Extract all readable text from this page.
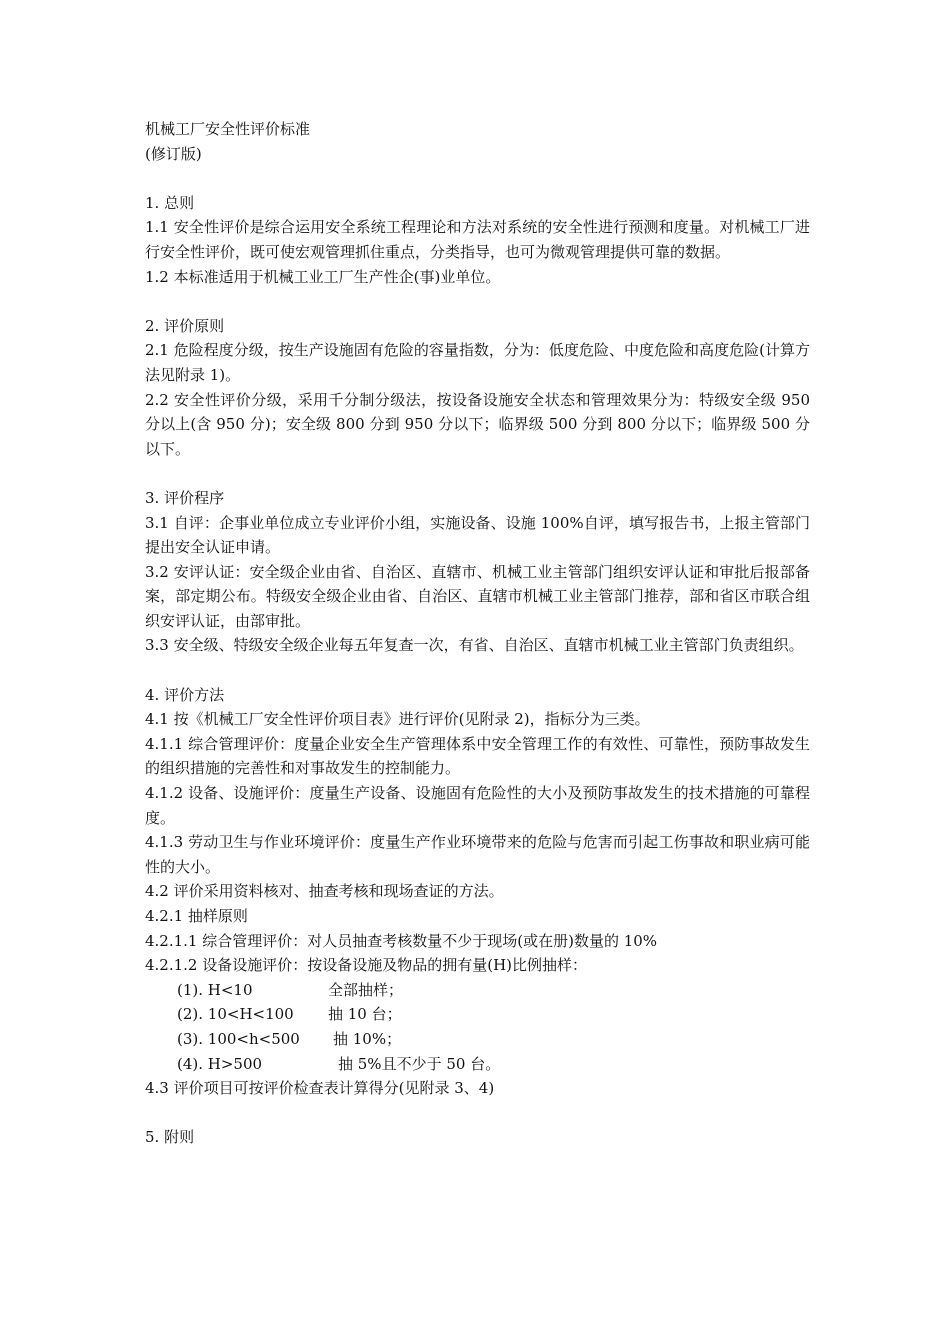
机械工厂安全性评价标准
(修订版)
1. 总则
1.1 安全性评价是综合运用安全系统工程理论和方法对系统的安全性进行预测和度量。对机械工厂进行安全性评价，既可使宏观管理抓住重点，分类指导，也可为微观管理提供可靠的数据。
1.2 本标准适用于机械工业工厂生产性企(事)业单位。
2. 评价原则
2.1 危险程度分级，按生产设施固有危险的容量指数，分为：低度危险、中度危险和高度危险(计算方法见附录 1)。
2.2 安全性评价分级，采用千分制分级法，按设备设施安全状态和管理效果分为：特级安全级 950 分以上(含 950 分)；安全级 800 分到 950 分以下；临界级 500 分到 800 分以下；临界级 500 分以下。
3. 评价程序
3.1 自评：企事业单位成立专业评价小组，实施设备、设施 100%自评，填写报告书，上报主管部门提出安全认证申请。
3.2 安评认证：安全级企业由省、自治区、直辖市、机械工业主管部门组织安评认证和审批后报部备案，部定期公布。特级安全级企业由省、自治区、直辖市机械工业主管部门推荐，部和省区市联合组织安评认证，由部审批。
3.3 安全级、特级安全级企业每五年复查一次，有省、自治区、直辖市机械工业主管部门负责组织。
4. 评价方法
4.1 按《机械工厂安全性评价项目表》进行评价(见附录 2)，指标分为三类。
4.1.1 综合管理评价：度量企业安全生产管理体系中安全管理工作的有效性、可靠性，预防事故发生的组织措施的完善性和对事故发生的控制能力。
4.1.2 设备、设施评价：度量生产设备、设施固有危险性的大小及预防事故发生的技术措施的可靠程度。
4.1.3 劳动卫生与作业环境评价：度量生产作业环境带来的危险与危害而引起工伤事故和职业病可能性的大小。
4.2 评价采用资料核对、抽查考核和现场查证的方法。
4.2.1 抽样原则
4.2.1.1 综合管理评价：对人员抽查考核数量不少于现场(或在册)数量的 10%
4.2.1.2 设备设施评价：按设备设施及物品的拥有量(H)比例抽样：
(1). H<10	全部抽样；
(2). 10<H<100 抽 10 台；
(3). 100<h<500 抽 10%；
(4). H>500	抽 5%且不少于 50 台。
4.3 评价项目可按评价检查表计算得分(见附录 3、4)
5. 附则
